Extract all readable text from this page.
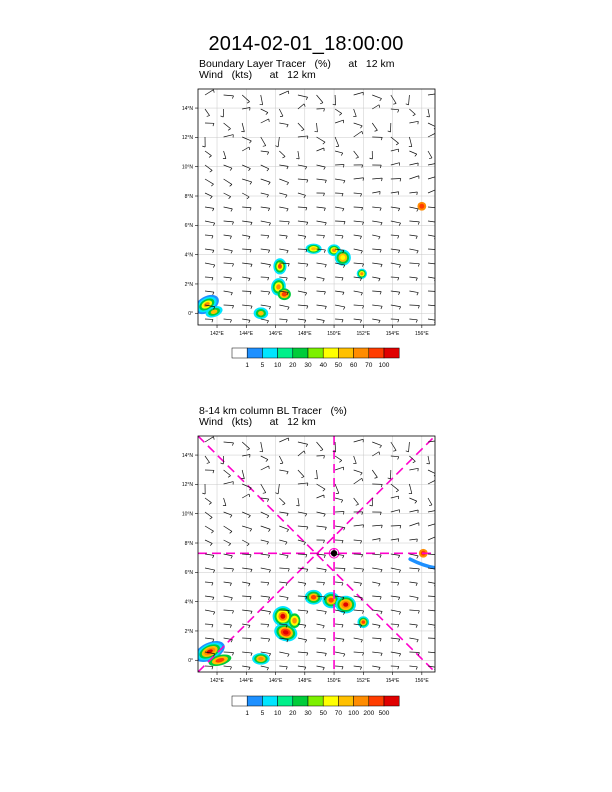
2014-02-01_18:00:00
Boundary Layer Tracer   (%)      at   12 km
Wind   (kts)      at   12 km
8-14 km column BL Tracer   (%)
Wind   (kts)      at   12 km
0°
2°N
4°N
6°N
8°N
10°N
12°N
14°N
142°E	144°E	146°E	148°E	150°E	152°E	154°E	156°E
1 5 10 20 30 40 50 60 70 100
0°
2°N
4°N
6°N
8°N
10°N
12°N
14°N
142°E	144°E	146°E	148°E	150°E	152°E	154°E	156°E
1 5 10 20 30 50 70 100 200 500
